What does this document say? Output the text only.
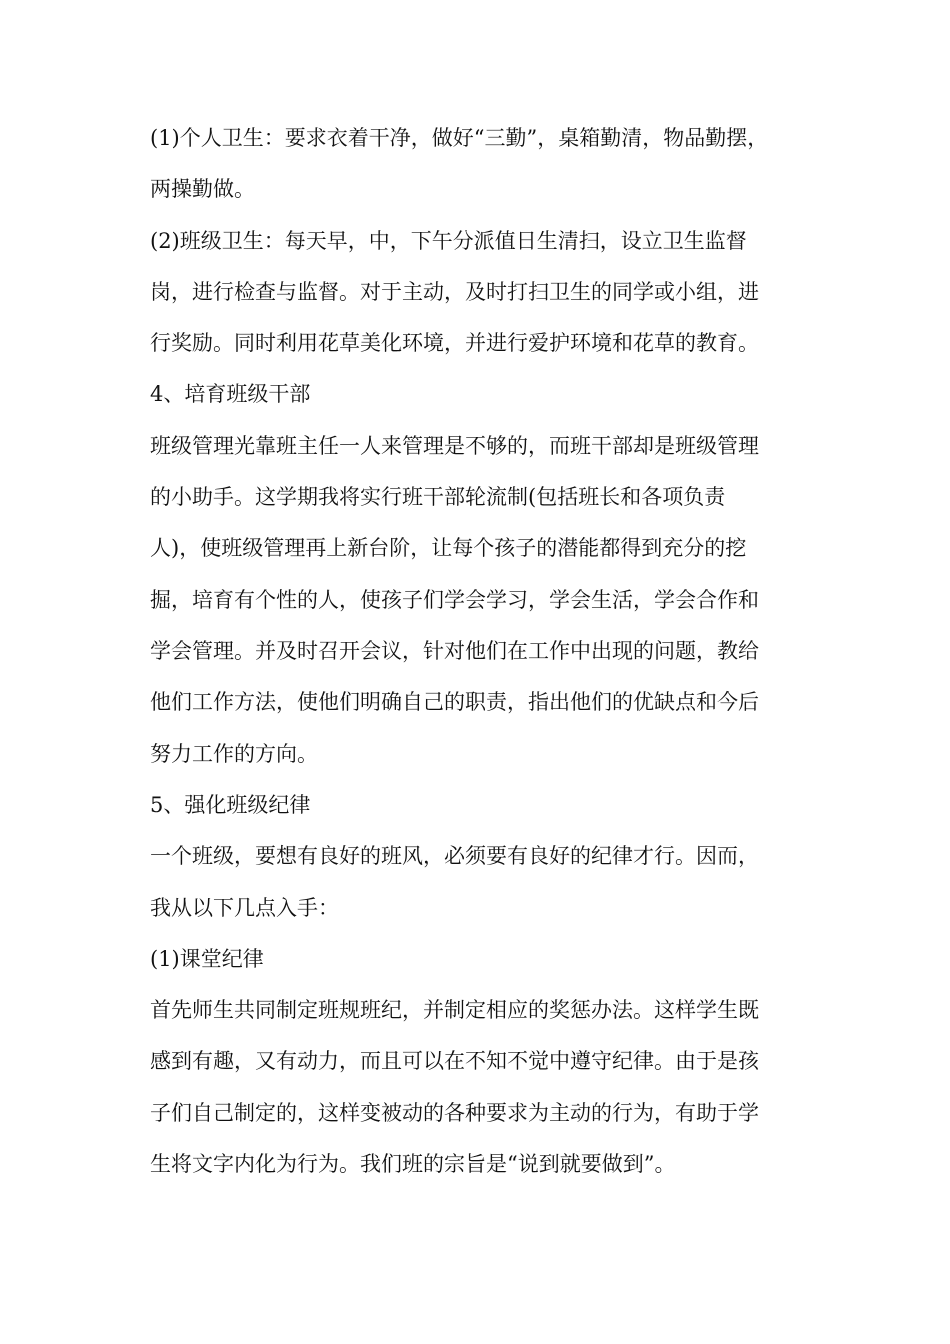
(1)个人卫生：要求衣着干净，做好“三勤”，桌箱勤清，物品勤摆，
两操勤做。
(2)班级卫生：每天早，中，下午分派值日生清扫，设立卫生监督
岗，进行检查与监督。对于主动，及时打扫卫生的同学或小组，进
行奖励。同时利用花草美化环境，并进行爱护环境和花草的教育。
4、培育班级干部
班级管理光靠班主任一人来管理是不够的，而班干部却是班级管理
的小助手。这学期我将实行班干部轮流制(包括班长和各项负责
人)，使班级管理再上新台阶，让每个孩子的潜能都得到充分的挖
掘，培育有个性的人，使孩子们学会学习，学会生活，学会合作和
学会管理。并及时召开会议，针对他们在工作中出现的问题，教给
他们工作方法，使他们明确自己的职责，指出他们的优缺点和今后
努力工作的方向。
5、强化班级纪律
一个班级，要想有良好的班风，必须要有良好的纪律才行。因而，
我从以下几点入手：
(1)课堂纪律
首先师生共同制定班规班纪，并制定相应的奖惩办法。这样学生既
感到有趣，又有动力，而且可以在不知不觉中遵守纪律。由于是孩
子们自己制定的，这样变被动的各种要求为主动的行为，有助于学
生将文字内化为行为。我们班的宗旨是“说到就要做到”。
